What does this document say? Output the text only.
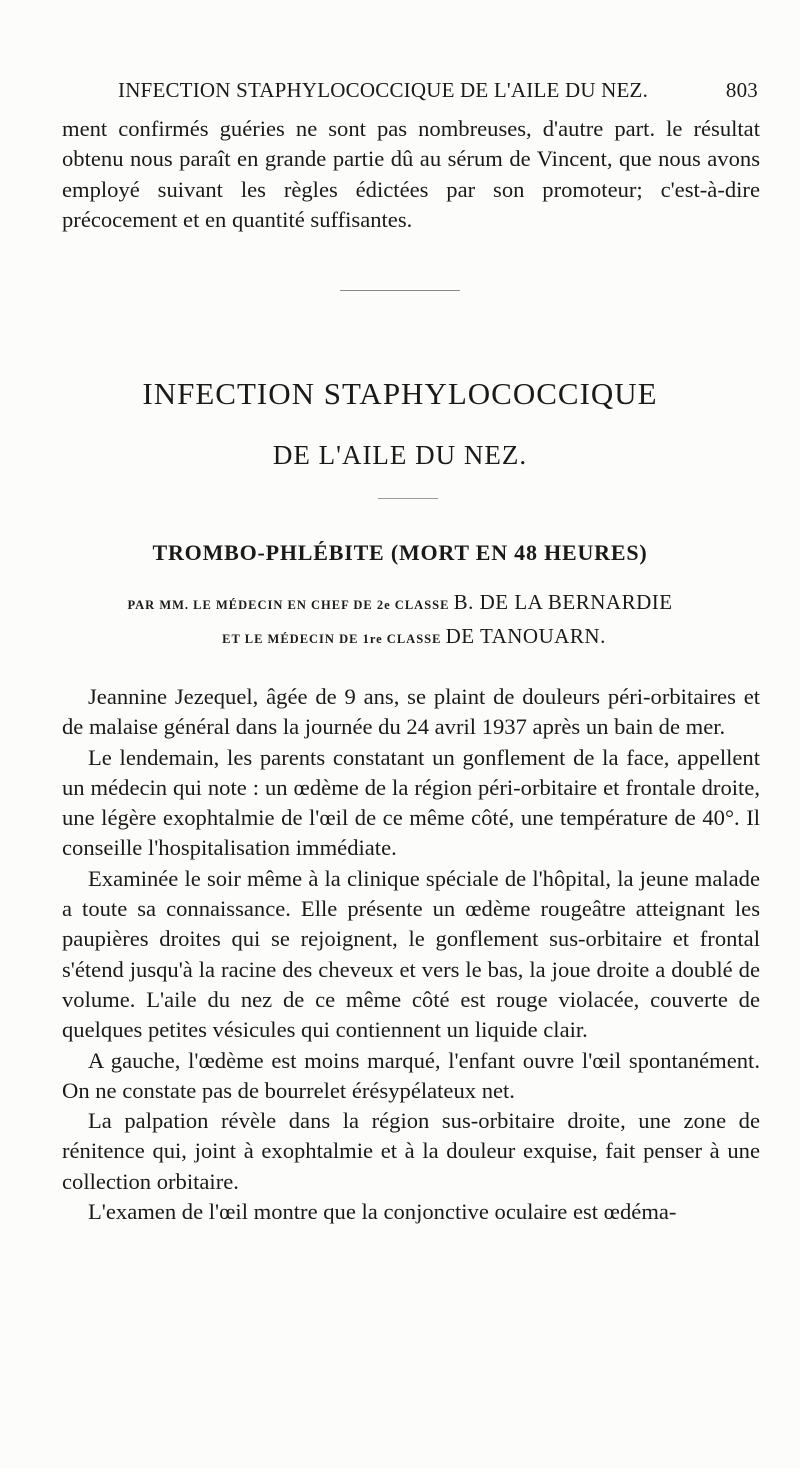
INFECTION STAPHYLOCOCCIQUE DE L'AILE DU NEZ.	803
ment confirmés guéries ne sont pas nombreuses, d'autre part. le résultat obtenu nous paraît en grande partie dû au sérum de Vincent, que nous avons employé suivant les règles édictées par son promoteur; c'est-à-dire précocement et en quantité suffisantes.
INFECTION STAPHYLOCOCCIQUE
DE L'AILE DU NEZ.
TROMBO-PHLÉBITE (MORT EN 48 HEURES)
PAR MM. LE MÉDECIN EN CHEF DE 2e CLASSE B. DE LA BERNARDIE
ET LE MÉDECIN DE 1re CLASSE DE TANOUARN.

Jeannine Jezequel, âgée de 9 ans, se plaint de douleurs péri-orbitaires et de malaise général dans la journée du 24 avril 1937 après un bain de mer.

Le lendemain, les parents constatant un gonflement de la face, appellent un médecin qui note : un œdème de la région péri-orbitaire et frontale droite, une légère exophtalmie de l'œil de ce même côté, une température de 40°. Il conseille l'hospitalisation immédiate.

Examinée le soir même à la clinique spéciale de l'hôpital, la jeune malade a toute sa connaissance. Elle présente un œdème rougeâtre atteignant les paupières droites qui se rejoignent, le gonflement sus-orbitaire et frontal s'étend jusqu'à la racine des cheveux et vers le bas, la joue droite a doublé de volume. L'aile du nez de ce même côté est rouge violacée, couverte de quelques petites vésicules qui contiennent un liquide clair.

A gauche, l'œdème est moins marqué, l'enfant ouvre l'œil spontanément. On ne constate pas de bourrelet érésypélateux net.

La palpation révèle dans la région sus-orbitaire droite, une zone de rénitence qui, joint à exophtalmie et à la douleur exquise, fait penser à une collection orbitaire.

L'examen de l'œil montre que la conjonctive oculaire est œdéma-
